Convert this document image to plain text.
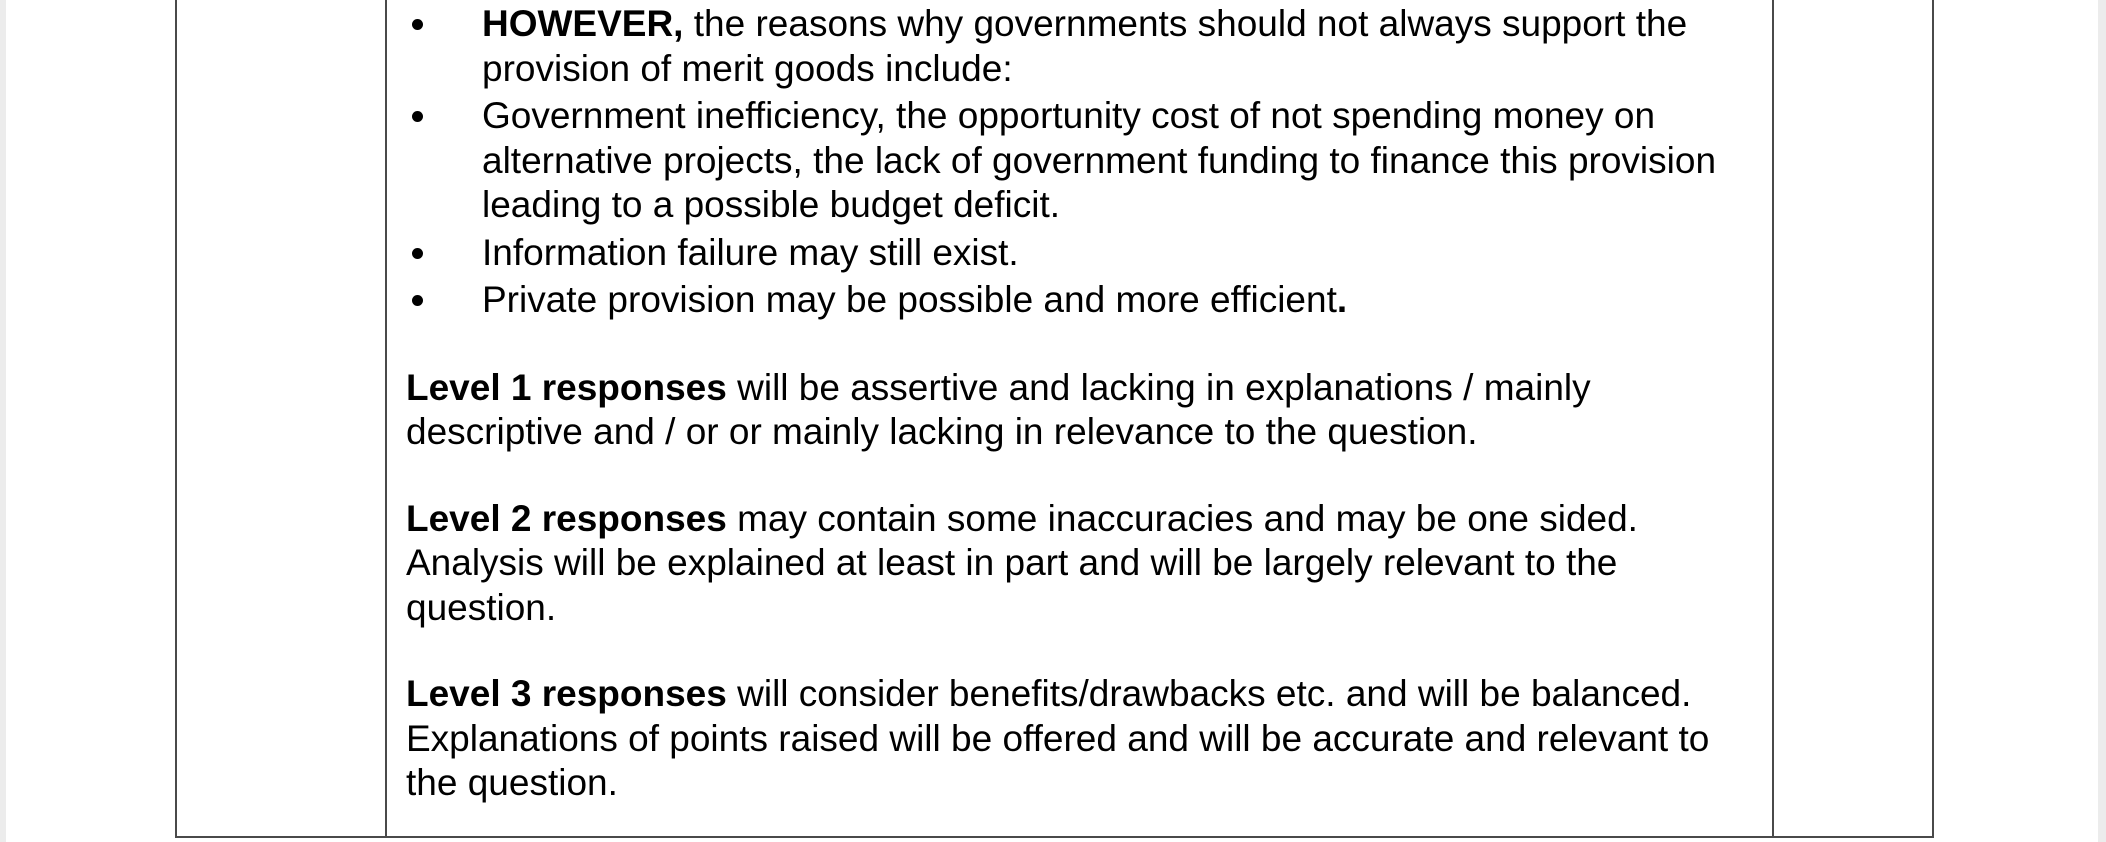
HOWEVER, the reasons why governments should not always support the provision of merit goods include:
Government inefficiency, the opportunity cost of not spending money on alternative projects, the lack of government funding to finance this provision leading to a possible budget deficit.
Information failure may still exist.
Private provision may be possible and more efficient.

Level 1 responses will be assertive and lacking in explanations / mainly descriptive and / or or mainly lacking in relevance to the question.

Level 2 responses may contain some inaccuracies and may be one sided. Analysis will be explained at least in part and will be largely relevant to the question.

Level 3 responses will consider benefits/drawbacks etc. and will be balanced. Explanations of points raised will be offered and will be accurate and relevant to the question.
